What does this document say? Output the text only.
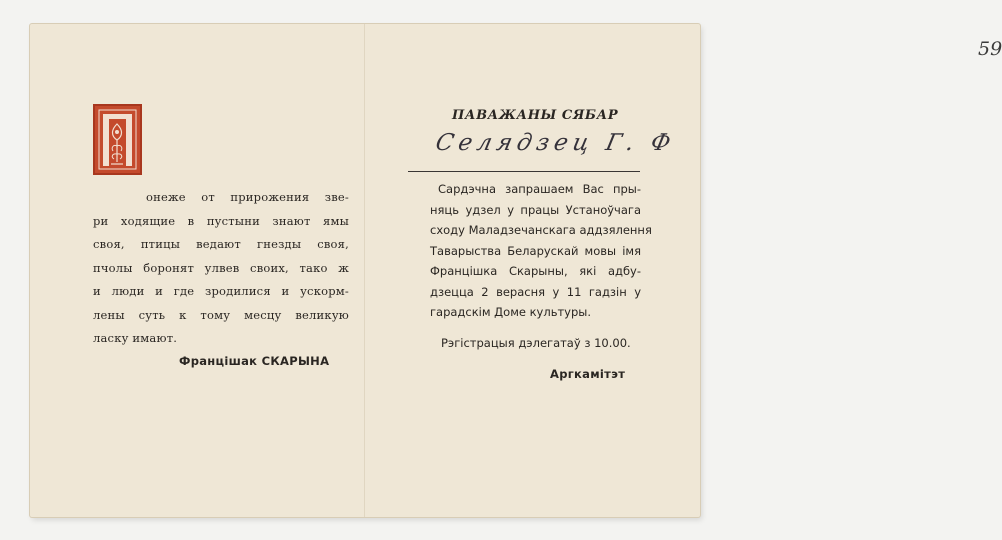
онеже от прирожения зве-
ри ходящие в пустыни знают ямы
своя, птицы ведают гнезды своя,
пчолы боронят улвев своих, тако ж
и люди и где зродилися и ускорм-
лены суть к тому месцу великую
ласку имают.
Францішак СКАРЫНА
59
ПАВАЖАНЫ СЯБАР
Селядзец Г. Ф
Сардэчна запрашаем Вас пры-
няць удзел у працы Устаноўчага
сходу Маладзечанскага аддзялення
Таварыства Беларускай мовы імя
Францішка Скарыны, які адбу-
дзецца 2 верасня у 11 гадзін у
гарадскім Доме культуры.
Рэгістрацыя дэлегатаў з 10.00.
Аргкамітэт
